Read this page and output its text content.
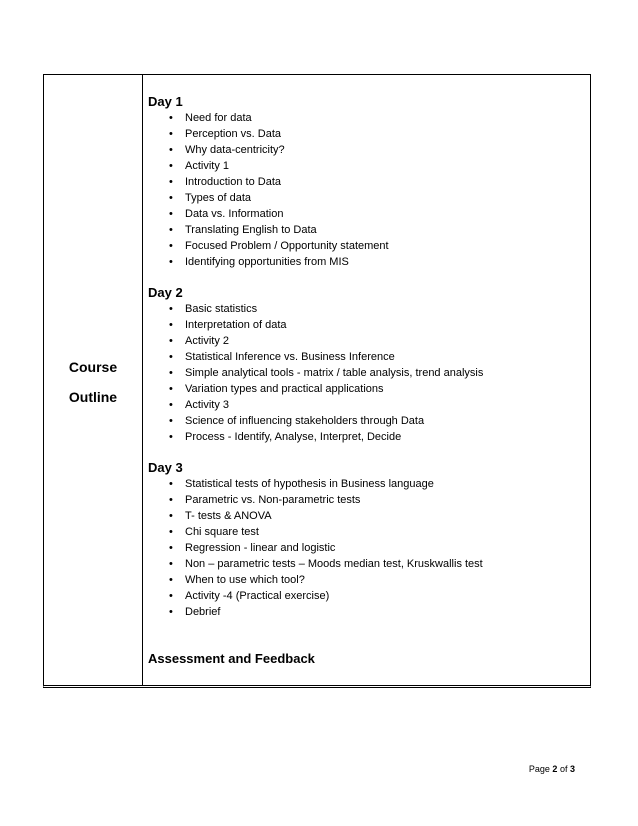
Course
Outline
Day 1
• Need for data
• Perception vs. Data
• Why data-centricity?
• Activity 1
• Introduction to Data
• Types of data
• Data vs. Information
• Translating English to Data
• Focused Problem / Opportunity statement
• Identifying opportunities from MIS
Day 2
• Basic statistics
• Interpretation of data
• Activity 2
• Statistical Inference vs. Business Inference
• Simple analytical tools - matrix / table analysis, trend analysis
• Variation types and practical applications
• Activity 3
• Science of influencing stakeholders through Data
• Process - Identify, Analyse, Interpret, Decide
Day 3
• Statistical tests of hypothesis in Business language
• Parametric vs. Non-parametric tests
• T- tests & ANOVA
• Chi square test
• Regression - linear and logistic
• Non – parametric tests – Moods median test, Kruskwallis test
• When to use which tool?
• Activity -4 (Practical exercise)
• Debrief
Assessment and Feedback
Page 2 of 3
